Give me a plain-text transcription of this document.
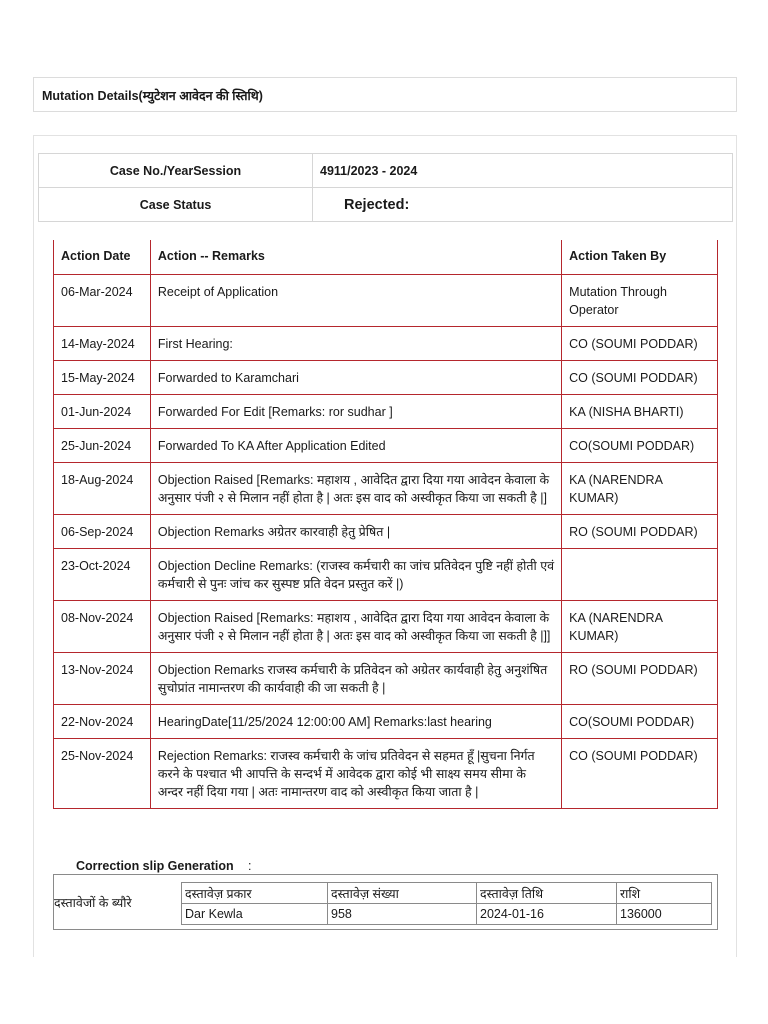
Mutation Details(म्युटेशन आवेदन की स्तिथि)
Case No./YearSession	4911/2023 - 2024
Case Status	Rejected:
Action Date	Action -- Remarks	Action Taken By
06-Mar-2024	Receipt of Application	Mutation Through Operator
14-May-2024	First Hearing:	CO (SOUMI PODDAR)
15-May-2024	Forwarded to Karamchari	CO (SOUMI PODDAR)
01-Jun-2024	Forwarded For Edit [Remarks: ror sudhar ]	KA (NISHA BHARTI)
25-Jun-2024	Forwarded To KA After Application Edited	CO(SOUMI PODDAR)
18-Aug-2024	Objection Raised [Remarks: महाशय , आवेदित द्वारा दिया गया आवेदन केवाला के अनुसार पंजी २ से मिलान नहीं होता है | अतः इस वाद को अस्वीकृत किया जा सकती है |]	KA (NARENDRA KUMAR)
06-Sep-2024	Objection Remarks अग्रेतर कारवाही हेतु प्रेषित |	RO (SOUMI PODDAR)
23-Oct-2024	Objection Decline Remarks: (राजस्व कर्मचारी का जांच प्रतिवेदन पुष्टि नहीं होती एवं कर्मचारी से पुनः जांच कर सुस्पष्ट प्रति वेदन प्रस्तुत करें |)	
08-Nov-2024	Objection Raised [Remarks: महाशय , आवेदित द्वारा दिया गया आवेदन केवाला के अनुसार पंजी २ से मिलान नहीं होता है | अतः इस वाद को अस्वीकृत किया जा सकती है |]]	KA (NARENDRA KUMAR)
13-Nov-2024	Objection Remarks राजस्व कर्मचारी के प्रतिवेदन को अग्रेतर कार्यवाही हेतु अनुशंषित सुचोप्रांत नामान्तरण की कार्यवाही की जा सकती है |	RO (SOUMI PODDAR)
22-Nov-2024	HearingDate[11/25/2024 12:00:00 AM] Remarks:last hearing	CO(SOUMI PODDAR)
25-Nov-2024	Rejection Remarks: राजस्व कर्मचारी के जांच प्रतिवेदन से सहमत हूँ |सुचना निर्गत करने के पश्चात भी आपत्ति के सन्दर्भ में आवेदक द्वारा कोई भी साक्ष्य समय सीमा के अन्दर नहीं दिया गया | अतः नामान्तरण वाद को अस्वीकृत किया जाता है |	CO (SOUMI PODDAR)
Correction slip Generation :
दस्तावेजों के ब्यौरे
दस्तावेज़ प्रकार	दस्तावेज़ संख्या	दस्तावेज़ तिथि	राशि
Dar Kewla	958	2024-01-16	136000
